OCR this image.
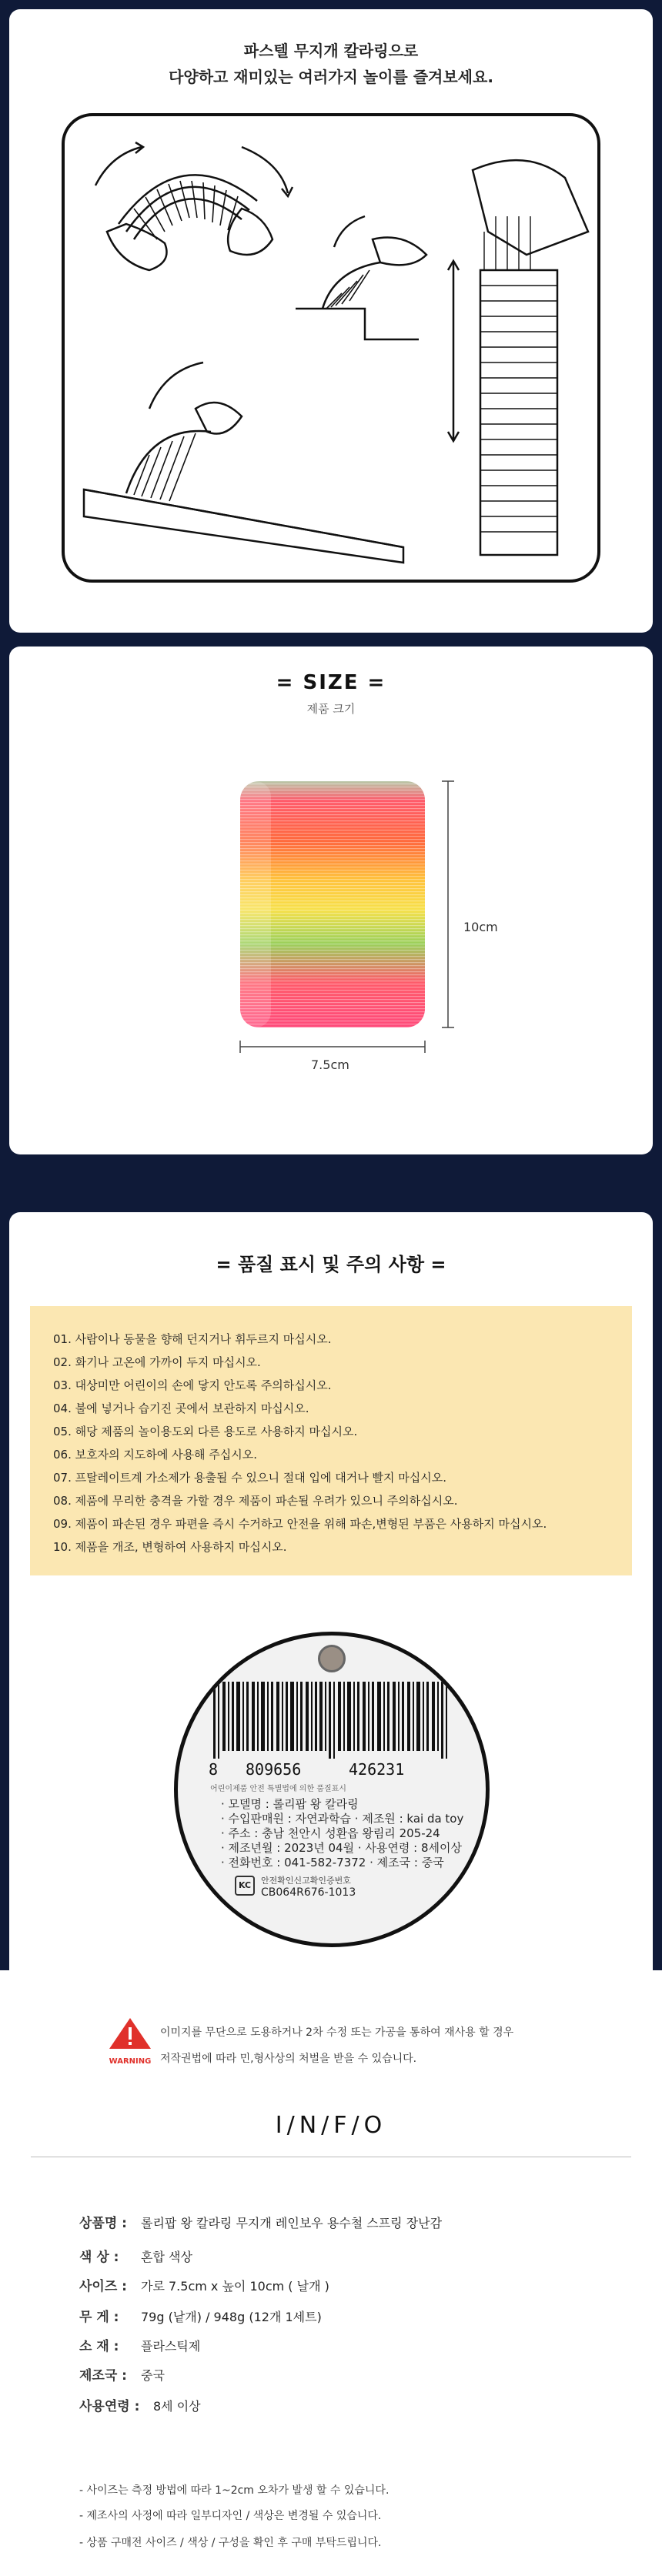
파스텔 무지개 칼라링으로
다양하고 재미있는 여러가지 놀이를 즐겨보세요.
= SIZE =
제품 크기
10cm
7.5cm
= 품질 표시 및 주의 사항 =
01. 사람이나 동물을 향해 던지거나 휘두르지 마십시오.
02. 화기나 고온에 가까이 두지 마십시오.
03. 대상미만 어린이의 손에 닿지 안도록 주의하십시오.
04. 불에 넣거나 습기진 곳에서 보관하지 마십시오.
05. 해당 제품의 놀이용도외 다른 용도로 사용하지 마십시오.
06. 보호자의 지도하에 사용해 주십시오.
07. 프탈레이트계 가소제가 용출될 수 있으니 절대 입에 대거나 빨지 마십시오.
08. 제품에 무리한 충격을 가할 경우 제품이 파손될 우려가 있으니 주의하십시오.
09. 제품이 파손된 경우 파편을 즉시 수거하고 안전을 위해 파손,변형된 부품은 사용하지 마십시오.
10. 제품을 개조, 변형하여 사용하지 마십시오.
8 809656	426231
어린이제품 안전 특별법에 의한 품질표시
· 모델명 : 롤리팝 왕 칼라링
· 수입판매원 : 자연과학습 · 제조원 : kai da toy
· 주소 : 충남 천안시 성환읍 왕림리 205-24
· 제조년월 : 2023년 04월 · 사용연령 : 8세이상
· 전화번호 : 041-582-7372 · 제조국 : 중국
KC	안전확인신고확인증번호
CB064R676-1013
WARNING
이미지를 무단으로 도용하거나 2차 수정 또는 가공을 통하여 재사용 할 경우
저작권법에 따라 민,형사상의 처벌을 받을 수 있습니다.
I/N/F/O
상품명 : 롤리팝 왕 칼라링 무지개 레인보우 용수철 스프링 장난감
색 상 : 혼합 색상
사이즈 : 가로 7.5cm x 높이 10cm ( 날개 )
무 게 : 79g (낱개) / 948g (12개 1세트)
소 재 : 플라스틱제
제조국 : 중국
사용연령 : 8세 이상
- 사이즈는 측정 방법에 따라 1~2cm 오차가 발생 할 수 있습니다.
- 제조사의 사정에 따라 일부디자인 / 색상은 변경될 수 있습니다.
- 상품 구매전 사이즈 / 색상 / 구성을 확인 후 구매 부탁드립니다.
